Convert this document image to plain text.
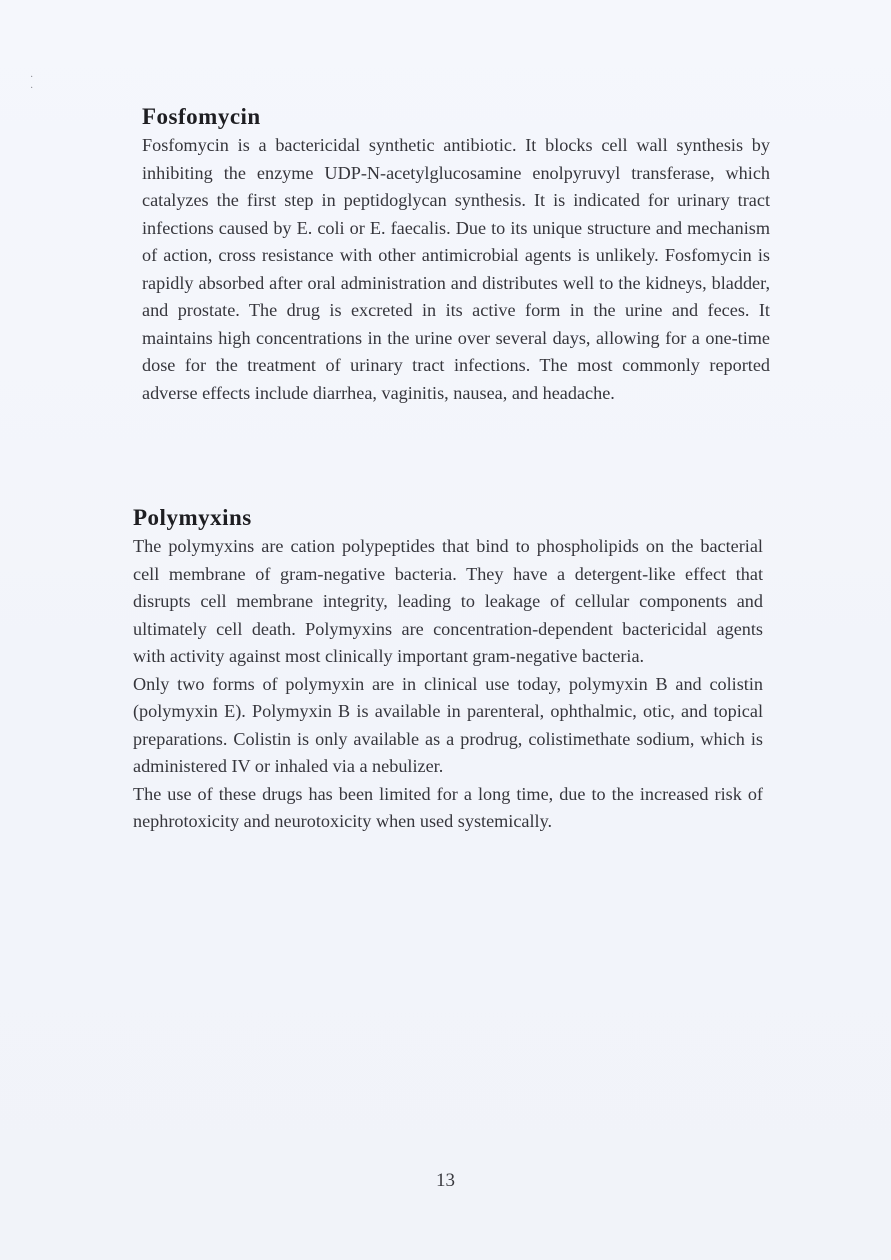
· ·
Fosfomycin

Fosfomycin is a bactericidal synthetic antibiotic. It blocks cell wall synthesis by inhibiting the enzyme UDP-N-acetylglucosamine enolpyruvyl transferase, which catalyzes the first step in peptidoglycan synthesis. It is indicated for urinary tract infections caused by E. coli or E. faecalis. Due to its unique structure and mechanism of action, cross resistance with other antimicrobial agents is unlikely. Fosfomycin is rapidly absorbed after oral administration and distributes well to the kidneys, bladder, and prostate. The drug is excreted in its active form in the urine and feces. It maintains high concentrations in the urine over several days, allowing for a one-time dose for the treatment of urinary tract infections. The most commonly reported adverse effects include diarrhea, vaginitis, nausea, and headache.

Polymyxins

The polymyxins are cation polypeptides that bind to phospholipids on the bacterial cell membrane of gram-negative bacteria. They have a detergent-like effect that disrupts cell membrane integrity, leading to leakage of cellular components and ultimately cell death. Polymyxins are concentration-dependent bactericidal agents with activity against most clinically important gram-negative bacteria.

Only two forms of polymyxin are in clinical use today, polymyxin B and colistin (polymyxin E). Polymyxin B is available in parenteral, ophthalmic, otic, and topical preparations. Colistin is only available as a prodrug, colistimethate sodium, which is administered IV or inhaled via a nebulizer.

The use of these drugs has been limited for a long time, due to the increased risk of nephrotoxicity and neurotoxicity when used systemically.

13
